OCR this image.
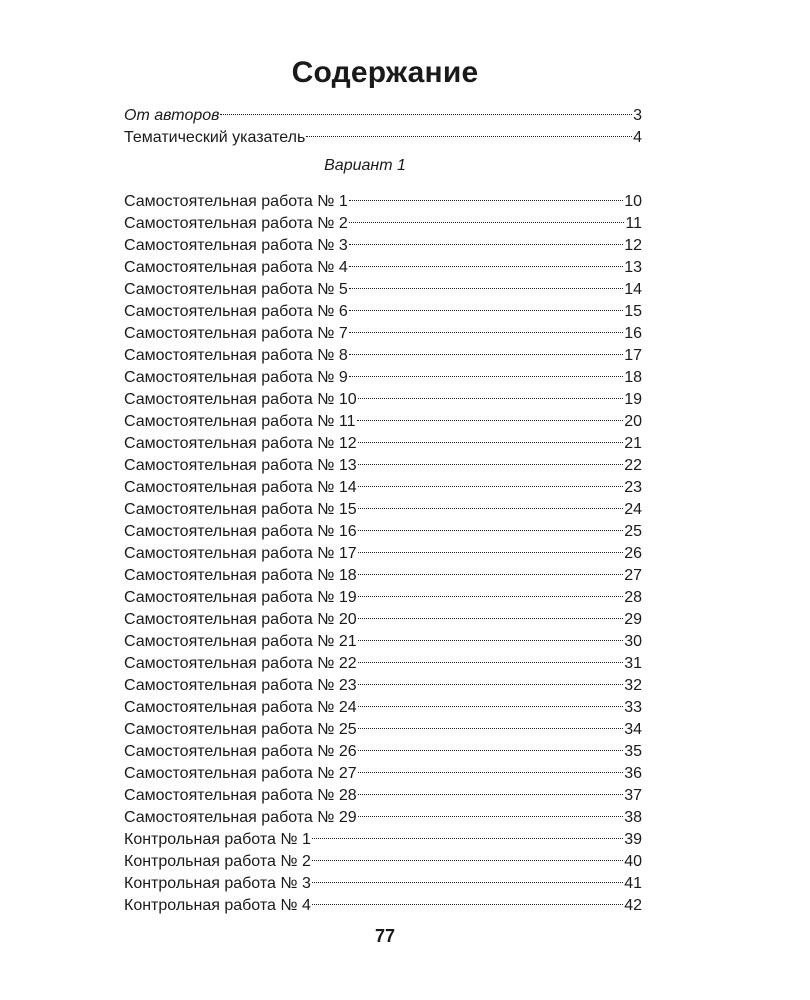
Содержание
От авторов	3
Тематический указатель	4
Вариант 1
Самостоятельная работа № 1	10
Самостоятельная работа № 2	11
Самостоятельная работа № 3	12
Самостоятельная работа № 4	13
Самостоятельная работа № 5	14
Самостоятельная работа № 6	15
Самостоятельная работа № 7	16
Самостоятельная работа № 8	17
Самостоятельная работа № 9	18
Самостоятельная работа № 10	19
Самостоятельная работа № 11	20
Самостоятельная работа № 12	21
Самостоятельная работа № 13	22
Самостоятельная работа № 14	23
Самостоятельная работа № 15	24
Самостоятельная работа № 16	25
Самостоятельная работа № 17	26
Самостоятельная работа № 18	27
Самостоятельная работа № 19	28
Самостоятельная работа № 20	29
Самостоятельная работа № 21	30
Самостоятельная работа № 22	31
Самостоятельная работа № 23	32
Самостоятельная работа № 24	33
Самостоятельная работа № 25	34
Самостоятельная работа № 26	35
Самостоятельная работа № 27	36
Самостоятельная работа № 28	37
Самостоятельная работа № 29	38
Контрольная работа № 1	39
Контрольная работа № 2	40
Контрольная работа № 3	41
Контрольная работа № 4	42
77
